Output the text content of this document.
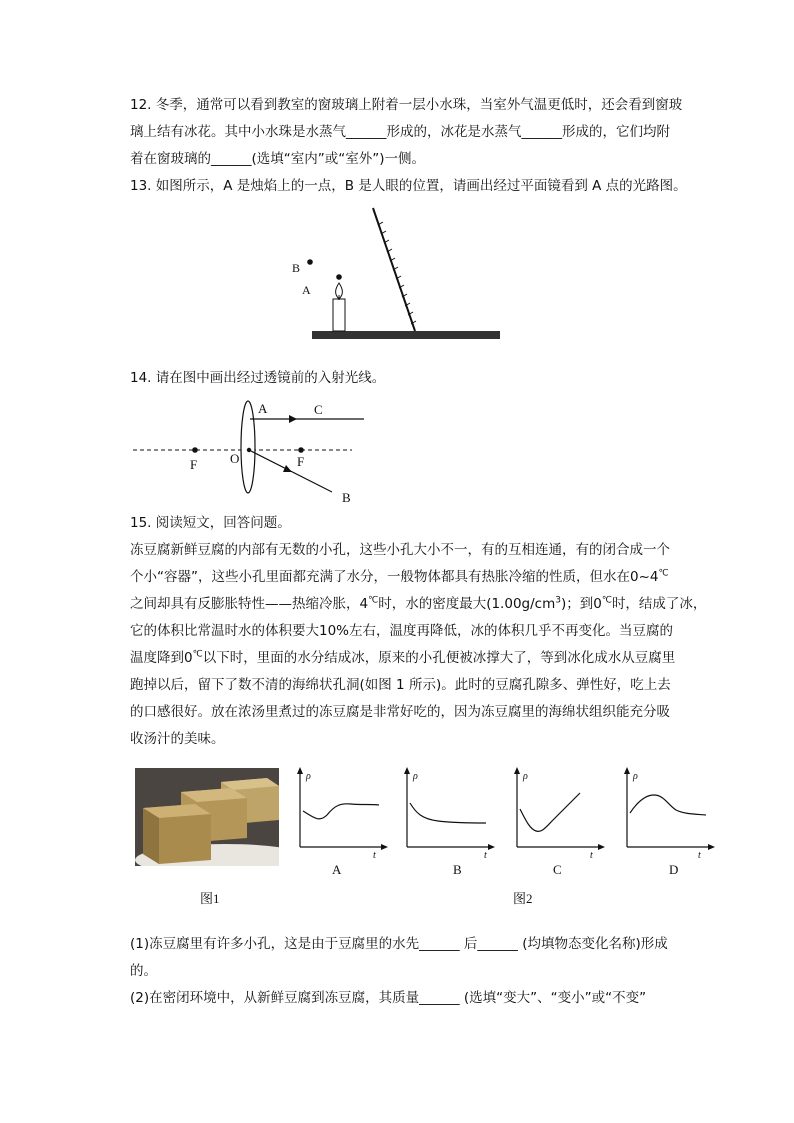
12. 冬季，通常可以看到教室的窗玻璃上附着一层小水珠，当室外气温更低时，还会看到窗玻
璃上结有冰花。其中小水珠是水蒸气______形成的，冰花是水蒸气______形成的，它们均附
着在窗玻璃的______(选填“室内”或“室外”)一侧。
13. 如图所示，A 是烛焰上的一点，B 是人眼的位置，请画出经过平面镜看到 A 点的光路图。
B
A
14. 请在图中画出经过透镜前的入射光线。
A	C
F	O	F
B
15. 阅读短文，回答问题。
冻豆腐新鲜豆腐的内部有无数的小孔，这些小孔大小不一，有的互相连通，有的闭合成一个
个小“容器”，这些小孔里面都充满了水分，一般物体都具有热胀冷缩的性质，但水在0~4℃
之间却具有反膨胀特性——热缩冷胀，4℃时，水的密度最大$(1.00g/cm^3)$；到0℃时，结成了冰，
它的体积比常温时水的体积要大10%左右，温度再降低，冰的体积几乎不再变化。当豆腐的
温度降到0℃以下时，里面的水分结成冰，原来的小孔便被冰撑大了，等到冰化成水从豆腐里
跑掉以后，留下了数不清的海绵状孔洞(如图 1 所示)。此时的豆腐孔隙多、弹性好，吃上去
的口感很好。放在浓汤里煮过的冻豆腐是非常好吃的，因为冻豆腐里的海绵状组织能充分吸
收汤汁的美味。
ρ
t
ρ
t
ρ
t
ρ
t
A	B	C	D
图1	图2
(1)冻豆腐里有许多小孔，这是由于豆腐里的水先______ 后______ (均填物态变化名称)形成
的。
(2)在密闭环境中，从新鲜豆腐到冻豆腐，其质量______ (选填“变大”、“变小”或“不变”
